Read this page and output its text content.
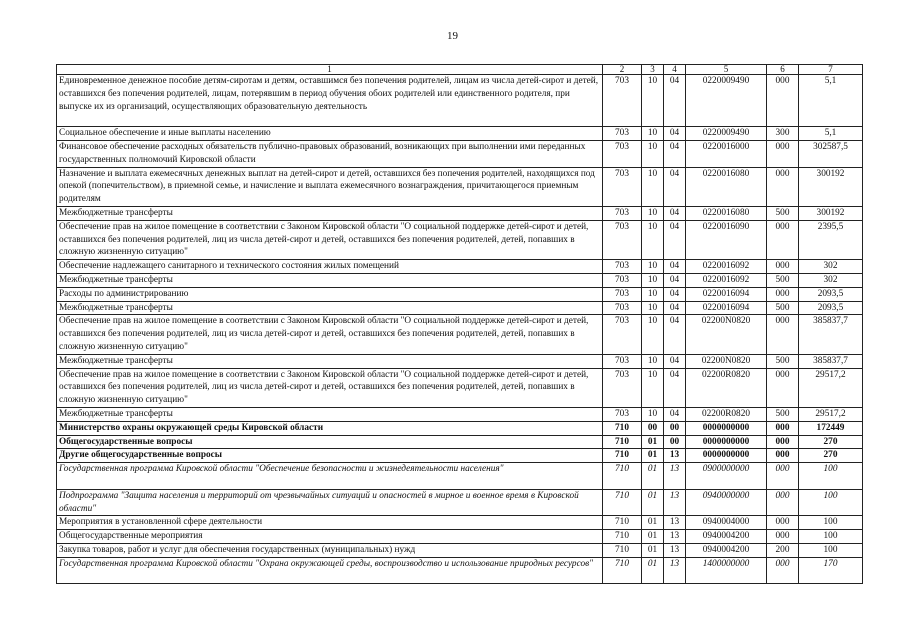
19
1	2	3	4	5	6	7
Единовременное денежное пособие детям-сиротам и детям, оставшимся без попечения родителей, лицам из числа детей-сирот и детей, оставшихся без попечения родителей, лицам, потерявшим в период обучения обоих родителей или единственного родителя, при выпуске их из организаций, осуществляющих образовательную деятельность	703	10	04	0220009490	000	5,1
Социальное обеспечение и иные выплаты населению	703	10	04	0220009490	300	5,1
Финансовое обеспечение расходных обязательств публично-правовых образований, возникающих при выполнении ими переданных государственных полномочий Кировской области	703	10	04	0220016000	000	302587,5
Назначение и выплата ежемесячных денежных выплат на детей-сирот и детей, оставшихся без попечения родителей, находящихся под опекой (попечительством), в приемной семье, и начисление и выплата ежемесячного вознаграждения, причитающегося приемным родителям	703	10	04	0220016080	000	300192
Межбюджетные трансферты	703	10	04	0220016080	500	300192
Обеспечение прав на жилое помещение в соответствии с Законом Кировской области "О социальной поддержке детей-сирот и детей, оставшихся без попечения родителей, лиц из числа детей-сирот и детей, оставшихся без попечения родителей, детей, попавших в сложную жизненную ситуацию"	703	10	04	0220016090	000	2395,5
Обеспечение надлежащего санитарного и технического состояния жилых помещений	703	10	04	0220016092	000	302
Межбюджетные трансферты	703	10	04	0220016092	500	302
Расходы по администрированию	703	10	04	0220016094	000	2093,5
Межбюджетные трансферты	703	10	04	0220016094	500	2093,5
Обеспечение прав на жилое помещение в соответствии с Законом Кировской области "О социальной поддержке детей-сирот и детей, оставшихся без попечения родителей, лиц из числа детей-сирот и детей, оставшихся без попечения родителей, детей, попавших в сложную жизненную ситуацию"	703	10	04	02200N0820	000	385837,7
Межбюджетные трансферты	703	10	04	02200N0820	500	385837,7
Обеспечение прав на жилое помещение в соответствии с Законом Кировской области "О социальной поддержке детей-сирот и детей, оставшихся без попечения родителей, лиц из числа детей-сирот и детей, оставшихся без попечения родителей, детей, попавших в сложную жизненную ситуацию"	703	10	04	02200R0820	000	29517,2
Межбюджетные трансферты	703	10	04	02200R0820	500	29517,2
Министерство охраны окружающей среды Кировской области	710	00	00	0000000000	000	172449
Общегосударственные вопросы	710	01	00	0000000000	000	270
Другие общегосударственные вопросы	710	01	13	0000000000	000	270
Государственная программа Кировской области "Обеспечение безопасности и жизнедеятельности населения"	710	01	13	0900000000	000	100
Подпрограмма "Защита населения и территорий от чрезвычайных ситуаций и опасностей в мирное и военное время в Кировской области"	710	01	13	0940000000	000	100
Мероприятия в установленной сфере деятельности	710	01	13	0940004000	000	100
Общегосударственные мероприятия	710	01	13	0940004200	000	100
Закупка товаров, работ и услуг для обеспечения государственных (муниципальных) нужд	710	01	13	0940004200	200	100
Государственная программа Кировской области "Охрана окружающей среды, воспроизводство и использование природных ресурсов"	710	01	13	1400000000	000	170
